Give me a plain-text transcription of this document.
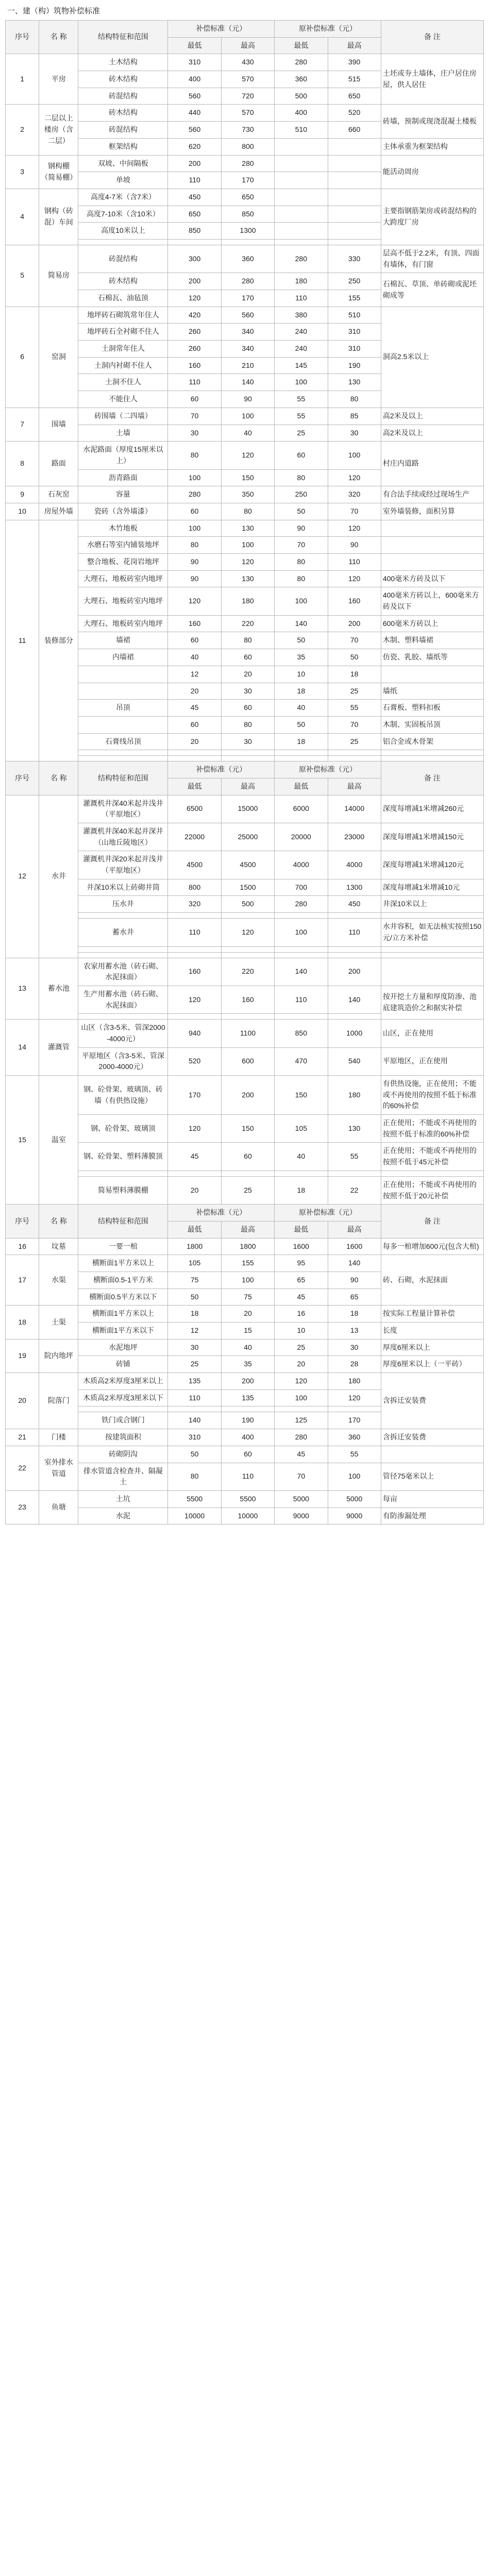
一、建（构）筑物补偿标准
序号	名 称	结构特征和范围	补偿标准（元）		原补偿标准（元）		备 注
			最低	最高	最低	最高	
1	平房	土木结构	310	430	280	390	土坯或夯土墙体，庄户居住房屋，供人居住
		砖木结构	400	570	360	515	
		砖混结构	560	720	500	650	
2	二层以上楼房（含二层）	砖木结构	440	570	400	520	砖墙，预制或现浇混凝土楼板
		砖混结构	560	730	510	660	
		框架结构	620	800			主体承重为框架结构
3	钢构棚（简易棚）	双坡、中间隔板	200	280			能活动周房
		单坡	110	170			
4	钢构（砖混）车间	高度4-7米（含7米）	450	650			主要指钢筋架房或砖混结构的大跨度厂房
		高度7-10米（含10米）	650	850			
		高度10米以上	850	1300			

5	简易房	砖混结构	300	360	280	330	层高不低于2.2米，有顶、四面有墙体，有门窗
		砖木结构	200	280	180	250	石棉瓦、草顶、单砖砌或泥坯砌成等
		石棉瓦、油毡顶	120	170	110	155	
6	窑洞	地坪砖石砌筑常年住人	420	560	380	510	洞高2.5米以上
		地坪砖石全衬砌不住人	260	340	240	310	
		土洞常年住人	260	340	240	310	
		土洞内衬砌不住人	160	210	145	190	
		土洞不住人	110	140	100	130	
		不能住人	60	90	55	80	
7	围墙	砖围墙（二四墙）	70	100	55	85	高2米及以上
		土墙	30	40	25	30	高2米及以上
8	路面	水泥路面（厚度15厘米以上）	80	120	60	100	村庄内道路
		沥青路面	100	150	80	120	
9	石灰窑	容量	280	350	250	320	有合法手续或经过现场生产
10	房屋外墙	瓷砖（含外墙漆）	60	80	50	70	室外墙装修，面积另算
11	装修部分	木竹地板	100	130	90	120	
		水磨石等室内铺装地坪	80	100	70	90	
		整合地板、花岗岩地坪	90	120	80	110	
		大理石、地板砖室内地坪	90	130	80	120	400毫米方砖及以下
		大理石、地板砖室内地坪	120	180	100	160	400毫米方砖以上，600毫米方砖及以下
		大理石、地板砖室内地坪	160	220	140	200	600毫米方砖以上
		墙裙	60	80	50	70	木制、塑料墙裙
		内墙裙	40	60	35	50	仿瓷、乳胶、墙纸等
			12	20	10	18	
			20	30	18	25	墙纸
		吊顶	45	60	40	55	石膏板、塑料扣板
			60	80	50	70	木制、实固板吊顶
		石膏线吊顶	20	30	18	25	铝合金或木骨架

序号	名 称	结构特征和范围	补偿标准（元）		原补偿标准（元）		备 注
			最低	最高	最低	最高	
12	水井	灌溉机井深40米起并浅井（平原地区）	6500	15000	6000	14000	深度每增减1米增减260元
		灌溉机井深40米起并深井（山地丘陵地区）	22000	25000	20000	23000	深度每增减1米增减150元
		灌溉机井深20米起并浅井（平原地区）	4500	4500	4000	4000	深度每增减1米增减120元
		井深10米以上砖砌井筒	800	1500	700	1300	深度每增减1米增减10元
		压水井	320	500	280	450	井深10米以上

		蓄水井	110	120	100	110	水井容积，如无法核实按照150元/立方米补偿

13	蓄水池	农家用蓄水池（砖石砌、水泥抹面）	160	220	140	200	
		生产用蓄水池（砖石砌、水泥抹面）	120	160	110	140	按开挖土方量和厚度防渗、池底建筑造价之和据实补偿

14	灌溉管	山区（含3-5米、管深2000-4000元）	940	1100	850	1000	山区，正在使用
		平原地区（含3-5米、管深2000-4000元）	520	600	470	540	平原地区，正在使用
15	温室	钢、砼骨架、玻璃顶、砖墙（有供热设施）	170	200	150	180	有供热设施，正在使用；不能或不再使用的按照不低于标准的60%补偿
		钢、砼骨架、玻璃顶	120	150	105	130	正在使用；不能或不再使用的按照不低于标准的60%补偿
		钢、砼骨架、塑料薄膜顶	45	60	40	55	正在使用；不能或不再使用的按照不低于45元补偿

		简易塑料薄膜棚	20	25	18	22	正在使用；不能或不再使用的按照不低于20元补偿
序号	名 称	结构特征和范围	补偿标准（元）		原补偿标准（元）		备 注
			最低	最高	最低	最高	
16	坟墓	一要一棺	1800	1800	1600	1600	每多一棺增加600元(包含大棺)
17	水渠	横断面1平方米以上	105	155	95	140	砖、石砌，水泥抹面
		横断面0.5-1平方米	75	100	65	90	
		横断面0.5平方米以下	50	75	45	65	
18	土渠	横断面1平方米以上	18	20	16	18	按实际工程量计算补偿
		横断面1平方米以下	12	15	10	13	长度
19	院内地坪	水泥地坪	30	40	25	30	厚度6厘米以上
		砖铺	25	35	20	28	厚度6厘米以上（一平砖）
20	院落门	木质高2米厚度3厘米以上	135	200	120	180	含拆迁安装费
		木质高2米厚度3厘米以下	110	135	100	120	

		铁门或合钢门	140	190	125	170	
21	门楼	按建筑面积	310	400	280	360	含拆迁安装费
22	室外排水管道	砖砌阴沟	50	60	45	55	
		排水管道含检查井、隔凝土	80	110	70	100	管径75毫米以上
23	鱼塘	土坑	5500	5500	5000	5000	每亩
		水泥	10000	10000	9000	9000	有防渗漏处理
